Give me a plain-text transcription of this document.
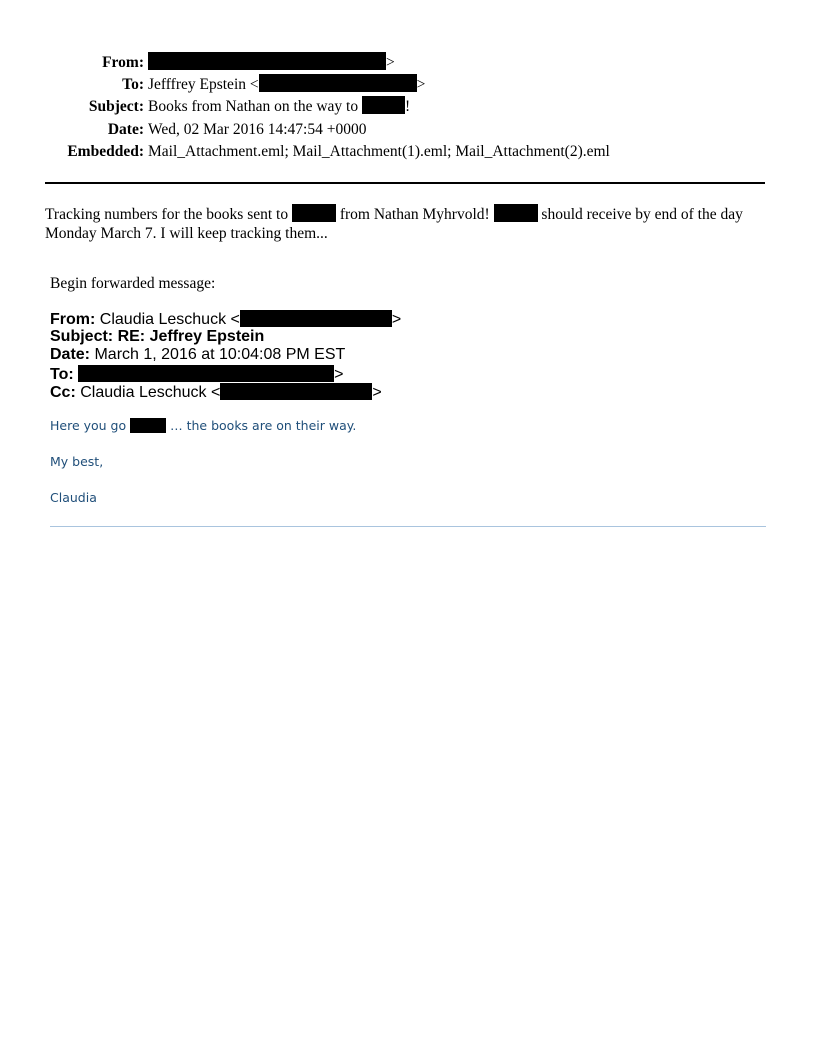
From:	>
To: Jefffrey Epstein <	>
Subject: Books from Nathan on the way to	!
Date: Wed, 02 Mar 2016 14:47:54 +0000
Embedded: Mail_Attachment.eml; Mail_Attachment(1).eml; Mail_Attachment(2).eml
Tracking numbers for the books sent to	from Nathan Myhrvold!	should receive by end of the day
Monday March 7. I will keep tracking them...
Begin forwarded message:
From: Claudia Leschuck <	>
Subject: RE: Jeffrey Epstein
Date: March 1, 2016 at 10:04:08 PM EST
To:	>
Cc: Claudia Leschuck <	>
Here you go	… the books are on their way.
My best,
Claudia
